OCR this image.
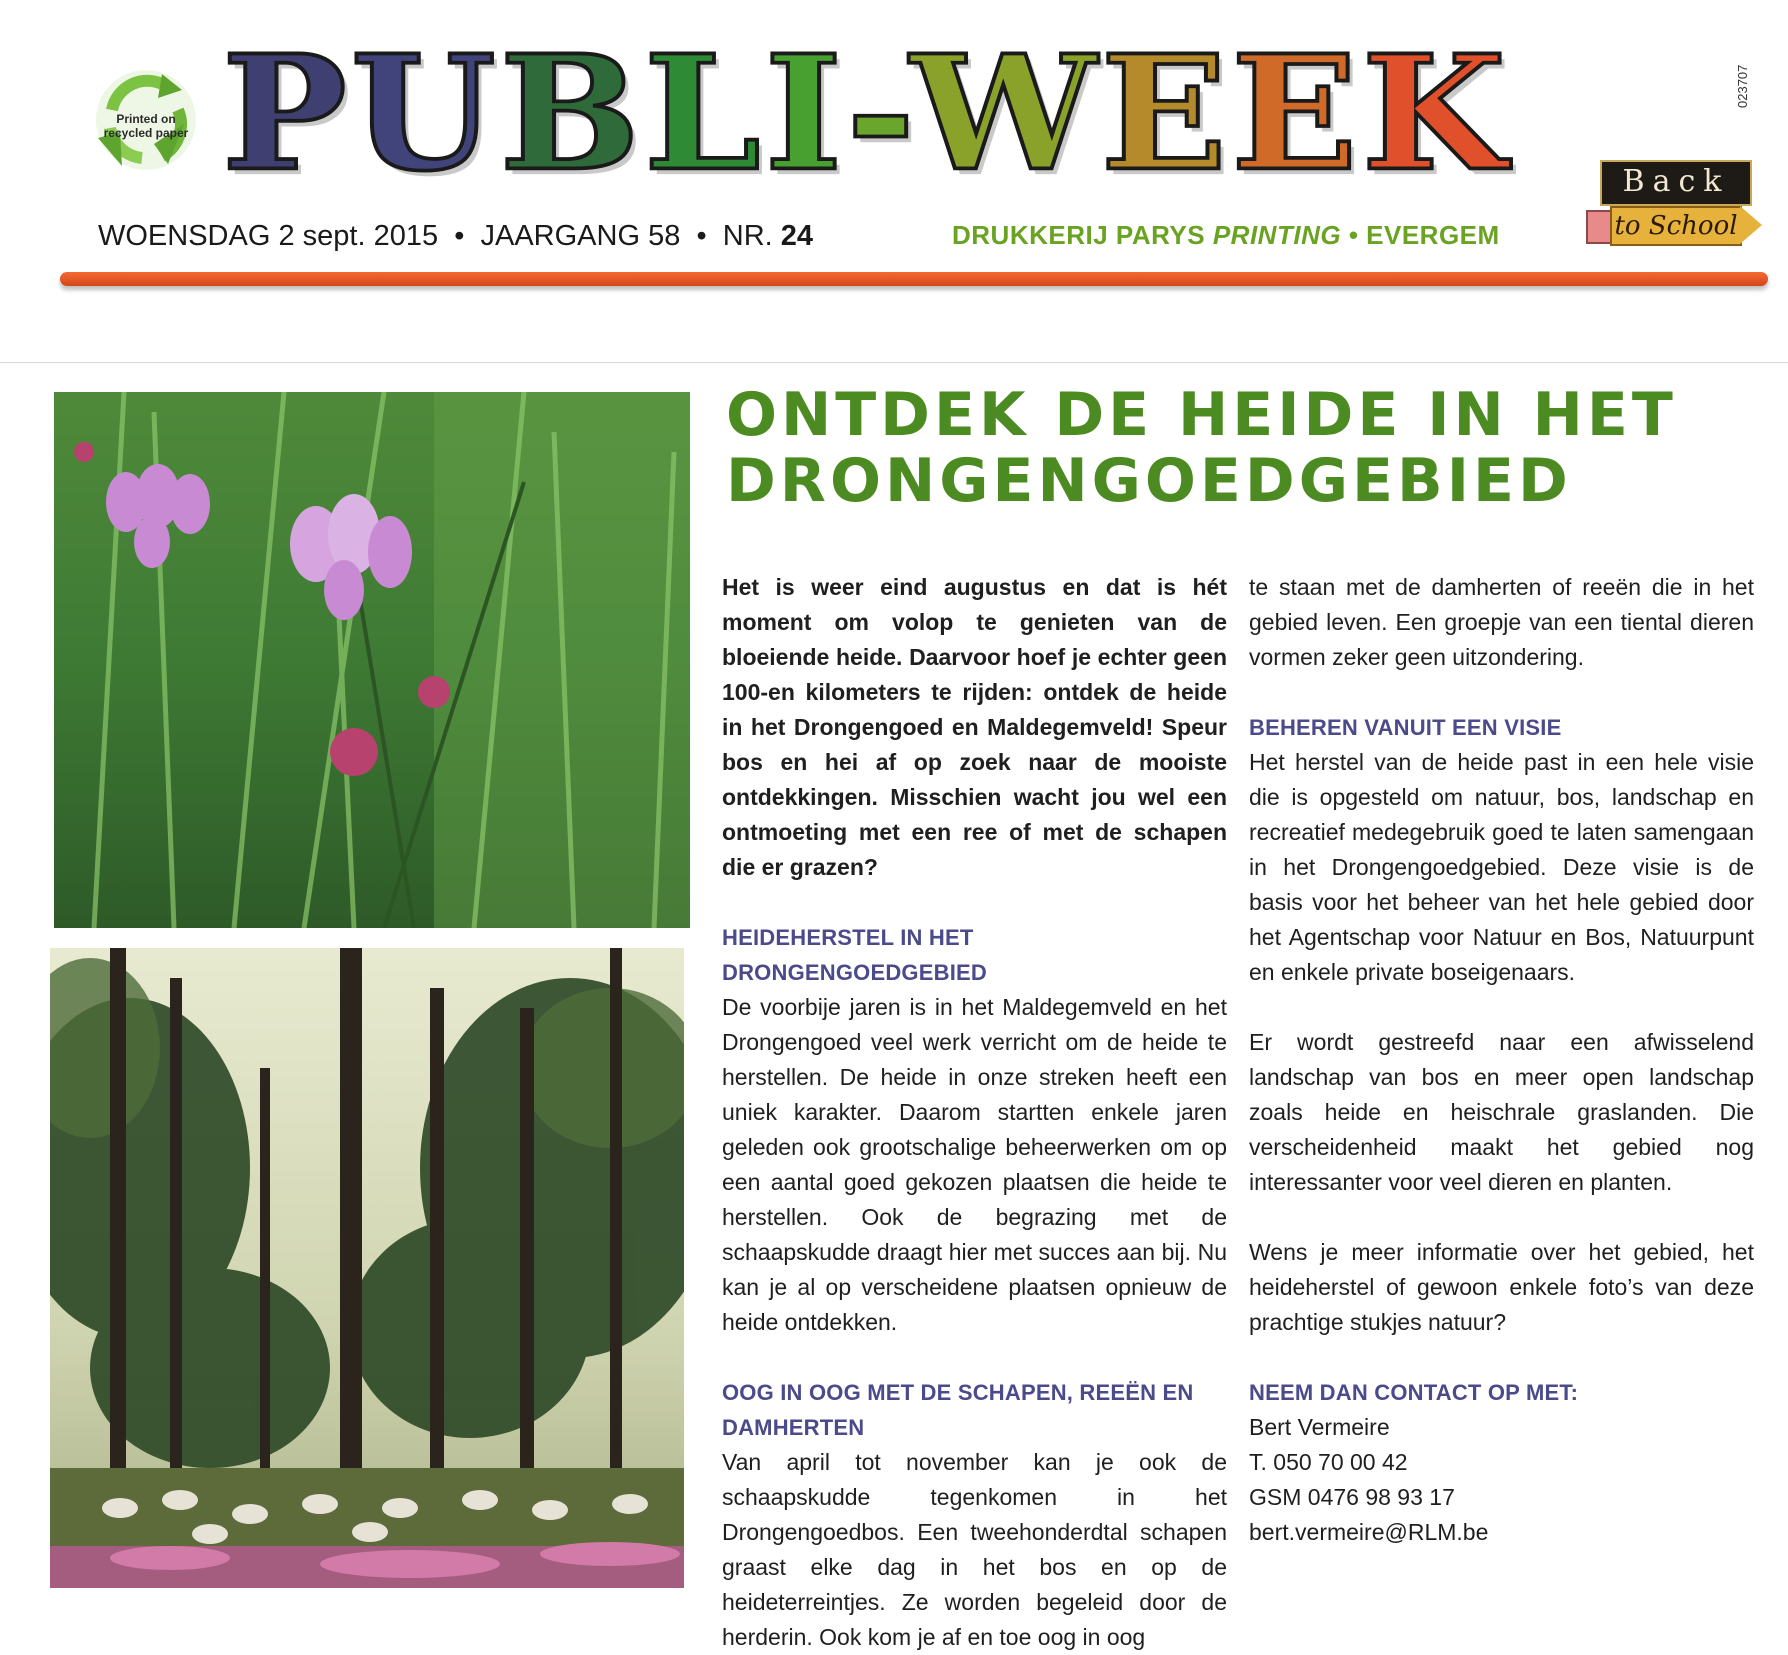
Printed on recycled paper PUBLI-WEEK	023707
Back
to School
WOENSDAG 2 sept. 2015  •  JAARGANG 58  •  NR. 24	DRUKKERIJ PARYS PRINTING • EVERGEM
ONTDEK DE HEIDE IN HET
DRONGENGOEDGEBIED

Het is weer eind augustus en dat is hét moment om volop te genieten van de bloeiende heide. Daarvoor hoef je echter geen 100-en kilometers te rijden: ontdek de heide in het Drongengoed en Maldegemveld! Speur bos en hei af op zoek naar de mooiste ontdekkingen. Misschien wacht jou wel een ontmoeting met een ree of met de schapen die er grazen?

HEIDEHERSTEL IN HET DRONGENGOEDGEBIED

De voorbije jaren is in het Maldegemveld en het Drongengoed veel werk verricht om de heide te herstellen. De heide in onze streken heeft een uniek karakter. Daarom startten enkele jaren geleden ook grootschalige beheerwerken om op een aantal goed gekozen plaatsen die heide te herstellen. Ook de begrazing met de schaapskudde draagt hier met succes aan bij. Nu kan je al op verscheidene plaatsen opnieuw de heide ontdekken.

OOG IN OOG MET DE SCHAPEN, REEËN EN DAMHERTEN

Van april tot november kan je ook de schaapskudde tegenkomen in het Drongengoedbos. Een tweehonderdtal schapen graast elke dag in het bos en op de heideterreintjes. Ze worden begeleid door de herderin. Ook kom je af en toe oog in oog

te staan met de damherten of reeën die in het gebied leven. Een groepje van een tiental dieren vormen zeker geen uitzondering.

BEHEREN VANUIT EEN VISIE

Het herstel van de heide past in een hele visie die is opgesteld om natuur, bos, landschap en recreatief medegebruik goed te laten samengaan in het Drongengoedgebied. Deze visie is de basis voor het beheer van het hele gebied door het Agentschap voor Natuur en Bos, Natuurpunt en enkele private boseigenaars.

Er wordt gestreefd naar een afwisselend landschap van bos en meer open landschap zoals heide en heischrale graslanden. Die verscheidenheid maakt het gebied nog interessanter voor veel dieren en planten.

Wens je meer informatie over het gebied, het heideherstel of gewoon enkele foto’s van deze prachtige stukjes natuur?

NEEM DAN CONTACT OP MET:

Bert Vermeire

T. 050 70 00 42

GSM 0476 98 93 17

bert.vermeire@RLM.be
